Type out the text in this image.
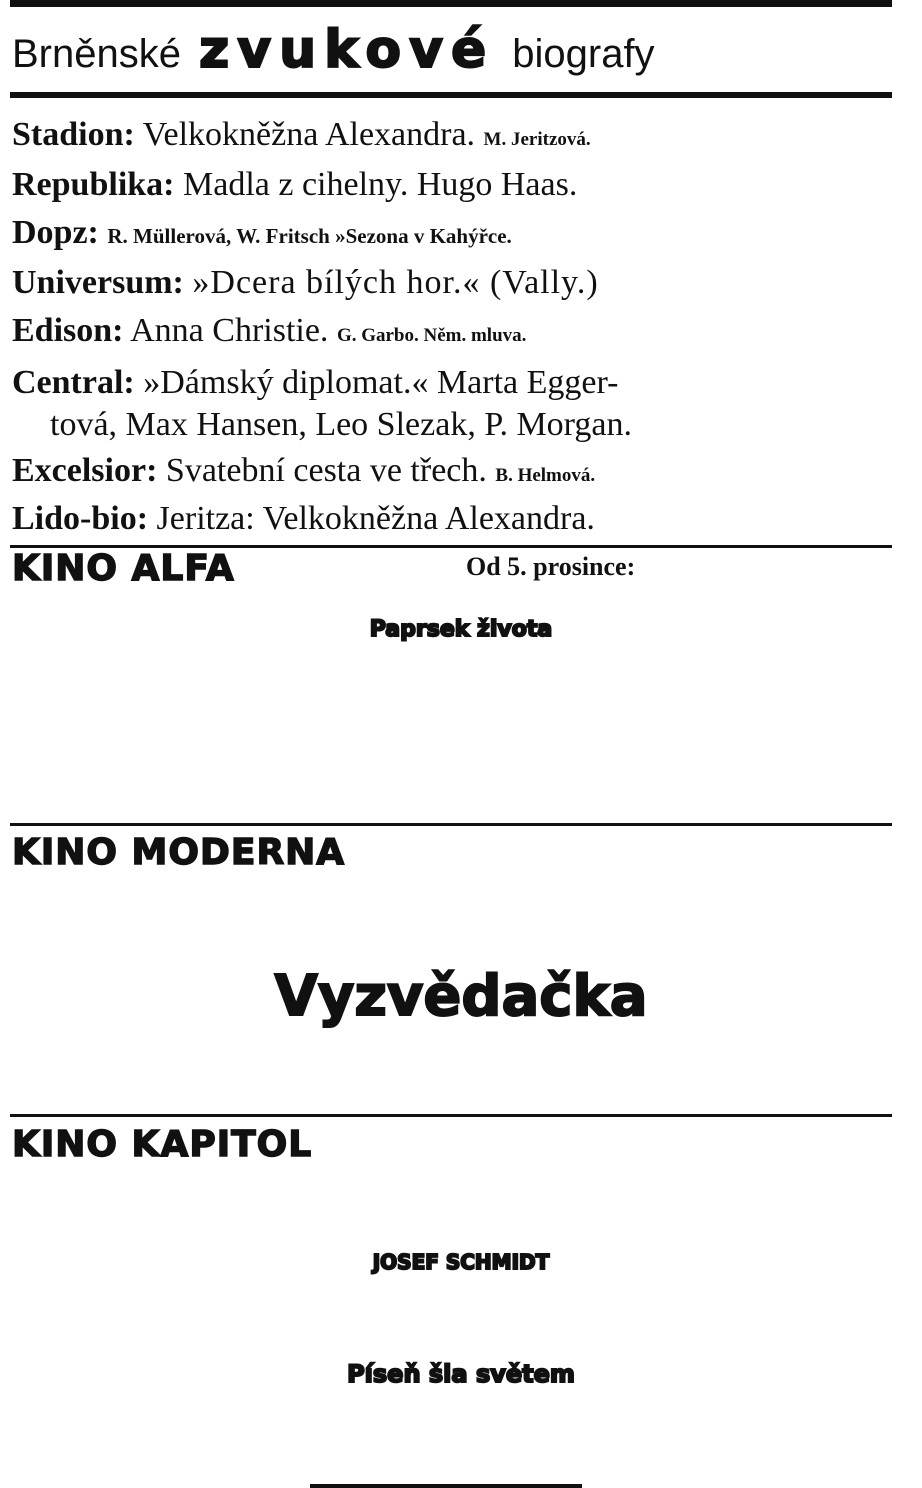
Brněnské zvukové biografy
Stadion: Velkokněžna Alexandra. M. Jeritzová.
Republika: Madla z cihelny. Hugo Haas.
Dopz: R. Müllerová, W. Fritsch »Sezona v Kahýřce.
Universum: »Dcera bílých hor.« (Vally.)
Edison: Anna Christie. G. Garbo. Něm. mluva.
Central: »Dámský diplomat.« Marta Egger-
tová, Max Hansen, Leo Slezak, P. Morgan.
Excelsior: Svatební cesta ve třech. B. Helmová.
Lido-bio: Jeritza: Velkokněžna Alexandra.
KINO ALFA	Od 5. prosince:
Paprsek života
KINO MODERNA
Vyzvědačka
KINO KAPITOL
JOSEF SCHMIDT
Píseň šla světem
